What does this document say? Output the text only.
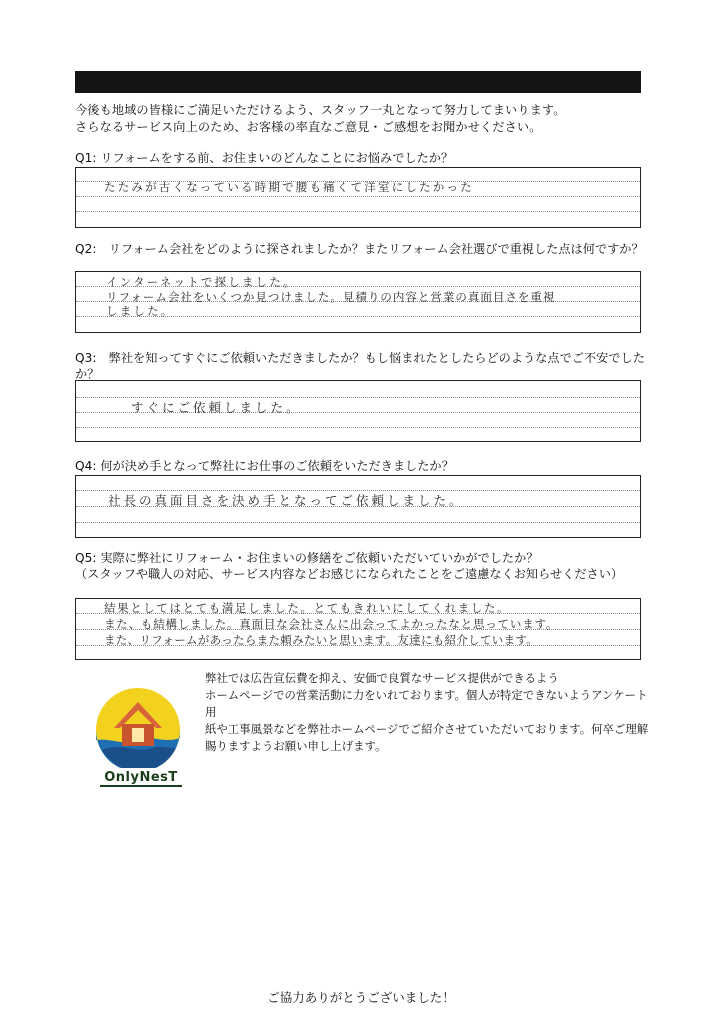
今後も地域の皆様にご満足いただけるよう、スタッフ一丸となって努力してまいります。
さらなるサービス向上のため、お客様の率直なご意見・ご感想をお聞かせください。
Q1: リフォームをする前、お住まいのどんなことにお悩みでしたか？
たたみが古くなっている時期で腰も痛くて洋室にしたかった
Q2:　リフォーム会社をどのように探されましたか？またリフォーム会社選びで重視した点は何ですか？
インターネットで探しました。
リフォーム会社をいくつか見つけました。見積りの内容と営業の真面目さを重視
しました。
Q3:　弊社を知ってすぐにご依頼いただきましたか？もし悩まれたとしたらどのような点でご不安でしたか？
すぐにご依頼しました。
Q4: 何が決め手となって弊社にお仕事のご依頼をいただきましたか？
社長の真面目さを決め手となってご依頼しました。
Q5: 実際に弊社にリフォーム・お住まいの修繕をご依頼いただいていかがでしたか？
（スタッフや職人の対応、サービス内容などお感じになられたことをご遠慮なくお知らせください）
結果としてはとても満足しました。とてもきれいにしてくれました。
また、も結構しました。真面目な会社さんに出会ってよかったなと思っています。
また、リフォームがあったらまた頼みたいと思います。友達にも紹介しています。
OnlyNesT
弊社では広告宣伝費を抑え、安価で良質なサービス提供ができるよう
ホームページでの営業活動に力をいれております。個人が特定できないようアンケート用
紙や工事風景などを弊社ホームページでご紹介させていただいております。何卒ご理解
賜りますようお願い申し上げます。
ご協力ありがとうございました！
